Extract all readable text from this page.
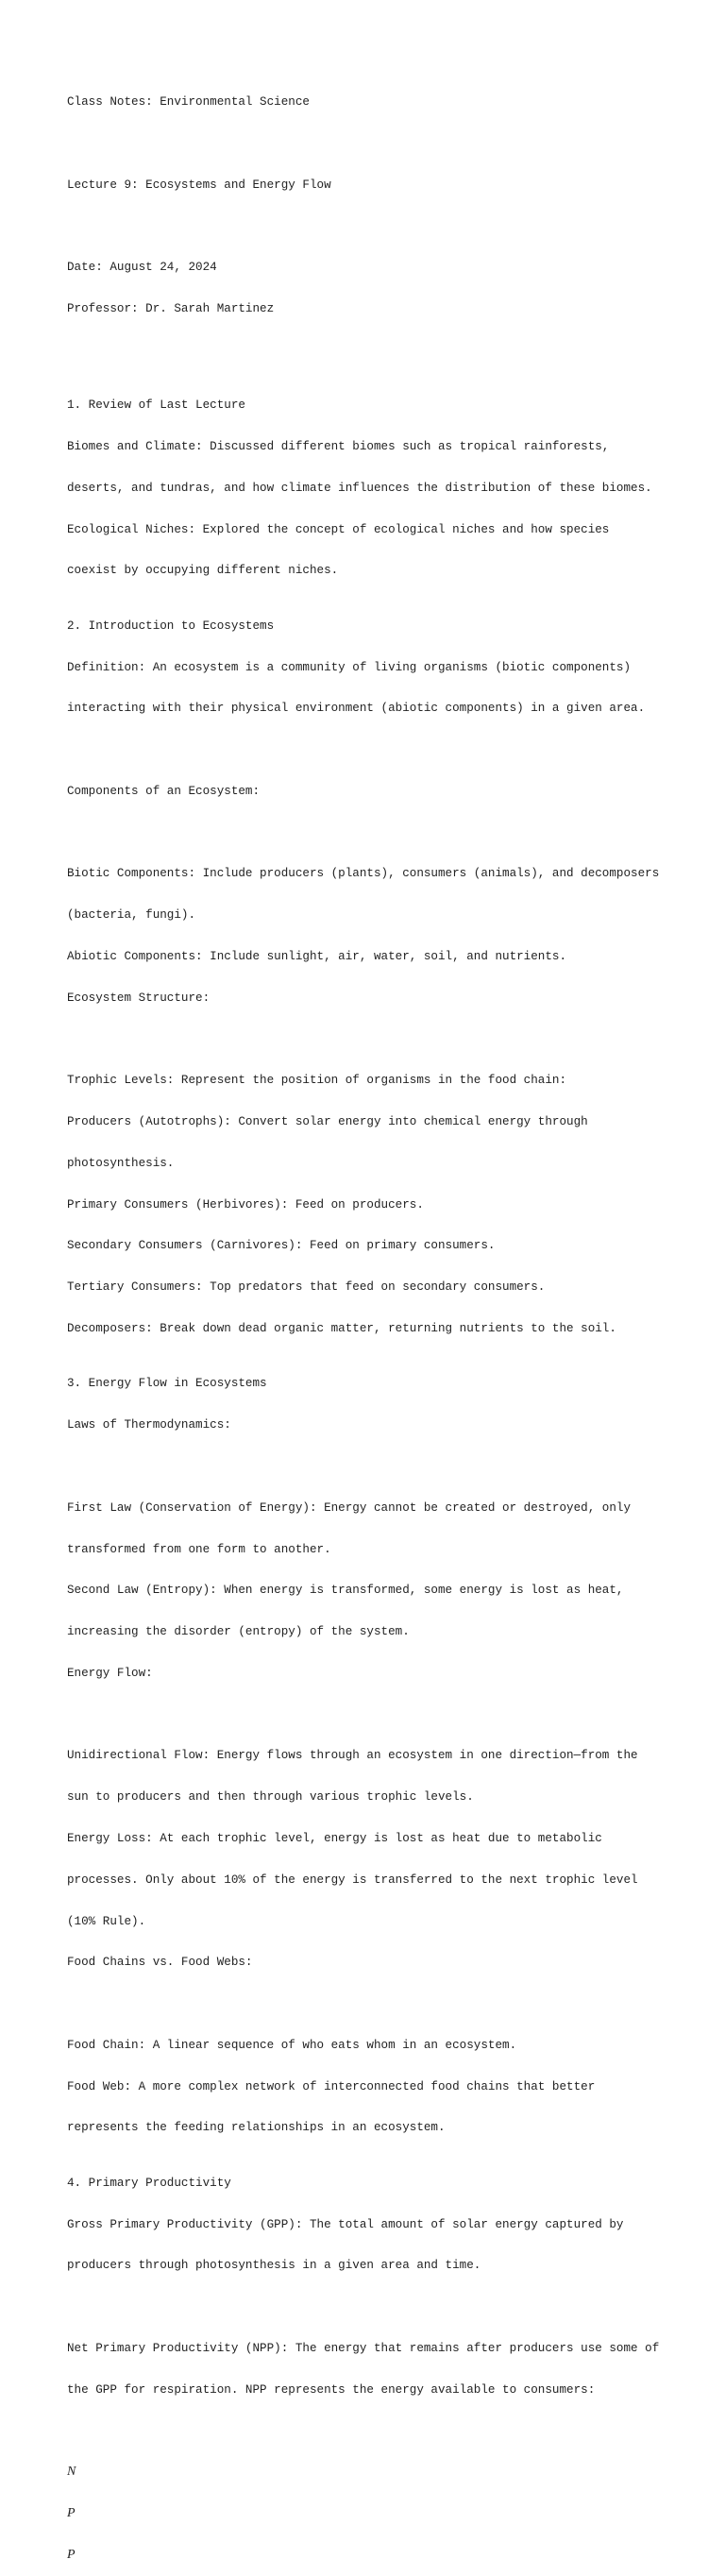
Class Notes: Environmental Science

Lecture 9: Ecosystems and Energy Flow

Date: August 24, 2024

Professor: Dr. Sarah Martinez

1. Review of Last Lecture

Biomes and Climate: Discussed different biomes such as tropical rainforests,

deserts, and tundras, and how climate influences the distribution of these biomes.

Ecological Niches: Explored the concept of ecological niches and how species

coexist by occupying different niches.

2. Introduction to Ecosystems

Definition: An ecosystem is a community of living organisms (biotic components)

interacting with their physical environment (abiotic components) in a given area.

Components of an Ecosystem:

Biotic Components: Include producers (plants), consumers (animals), and decomposers

(bacteria, fungi).

Abiotic Components: Include sunlight, air, water, soil, and nutrients.

Ecosystem Structure:

Trophic Levels: Represent the position of organisms in the food chain:

Producers (Autotrophs): Convert solar energy into chemical energy through

photosynthesis.

Primary Consumers (Herbivores): Feed on producers.

Secondary Consumers (Carnivores): Feed on primary consumers.

Tertiary Consumers: Top predators that feed on secondary consumers.

Decomposers: Break down dead organic matter, returning nutrients to the soil.

3. Energy Flow in Ecosystems

Laws of Thermodynamics:

First Law (Conservation of Energy): Energy cannot be created or destroyed, only

transformed from one form to another.

Second Law (Entropy): When energy is transformed, some energy is lost as heat,

increasing the disorder (entropy) of the system.

Energy Flow:

Unidirectional Flow: Energy flows through an ecosystem in one direction—from the

sun to producers and then through various trophic levels.

Energy Loss: At each trophic level, energy is lost as heat due to metabolic

processes. Only about 10% of the energy is transferred to the next trophic level

(10% Rule).

Food Chains vs. Food Webs:

Food Chain: A linear sequence of who eats whom in an ecosystem.

Food Web: A more complex network of interconnected food chains that better

represents the feeding relationships in an ecosystem.

4. Primary Productivity

Gross Primary Productivity (GPP): The total amount of solar energy captured by

producers through photosynthesis in a given area and time.

Net Primary Productivity (NPP): The energy that remains after producers use some of

the GPP for respiration. NPP represents the energy available to consumers:

N

P

P
